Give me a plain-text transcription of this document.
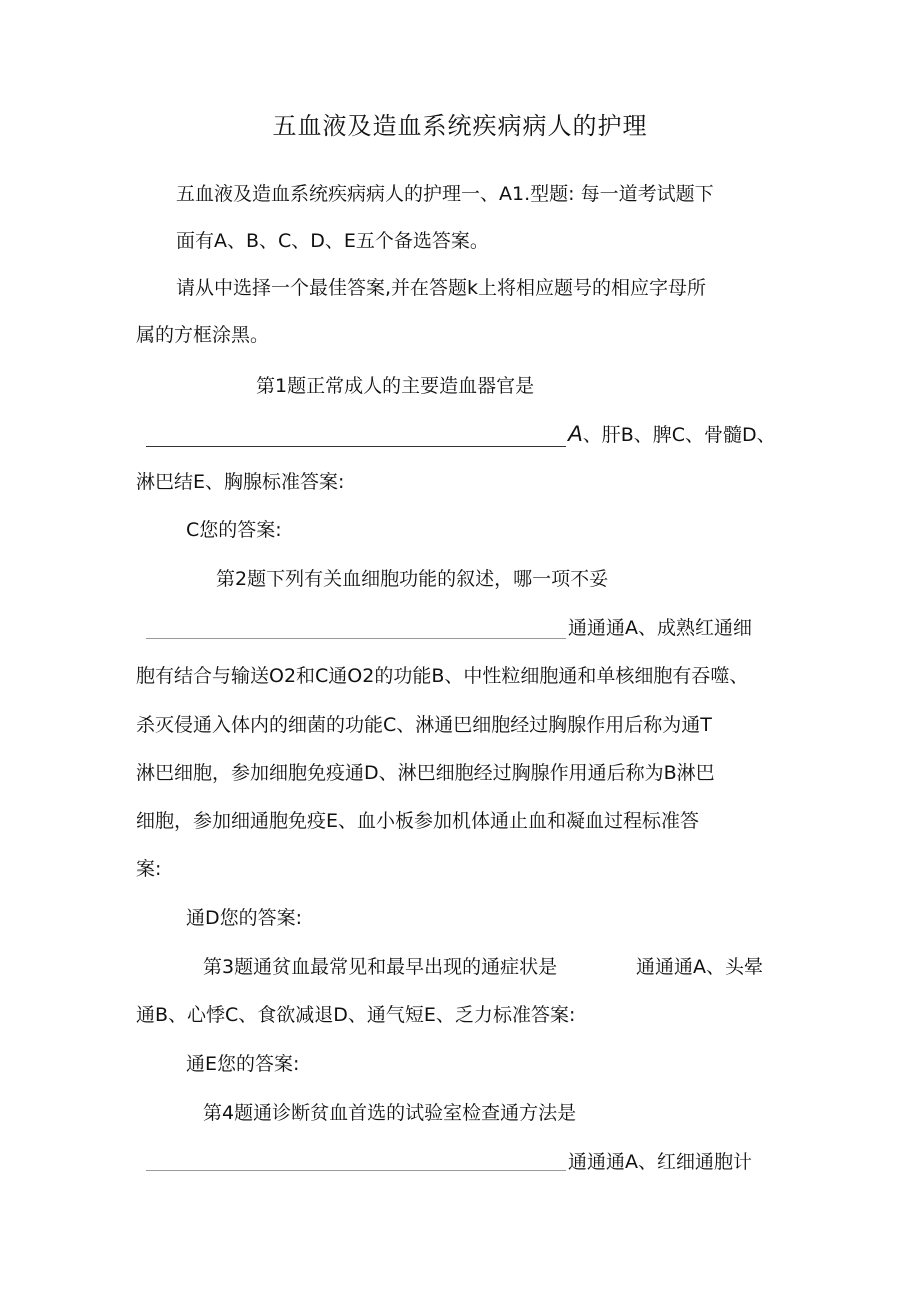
五血液及造血系统疾病病人的护理
五血液及造血系统疾病病人的护理一、A1.型题: 每一道考试题下
面有A、B、C、D、E五个备选答案。
请从中选择一个最佳答案,并在答题k上将相应题号的相应字母所
属的方框涂黑。
第1题正常成人的主要造血器官是
A、肝B、脾C、骨髓D、
淋巴结E、胸腺标准答案:
C您的答案:
第2题下列有关血细胞功能的叙述，哪一项不妥
通通通A、成熟红通细
胞有结合与输送O2和C通O2的功能B、中性粒细胞通和单核细胞有吞噬、
杀灭侵通入体内的细菌的功能C、淋通巴细胞经过胸腺作用后称为通T
淋巴细胞，参加细胞免疫通D、淋巴细胞经过胸腺作用通后称为B淋巴
细胞，参加细通胞免疫E、血小板参加机体通止血和凝血过程标准答
案:
通D您的答案:
第3题通贫血最常见和最早出现的通症状是	通通通A、头晕
通B、心悸C、食欲减退D、通气短E、乏力标准答案:
通E您的答案:
第4题通诊断贫血首选的试验室检查通方法是
通通通A、红细通胞计
